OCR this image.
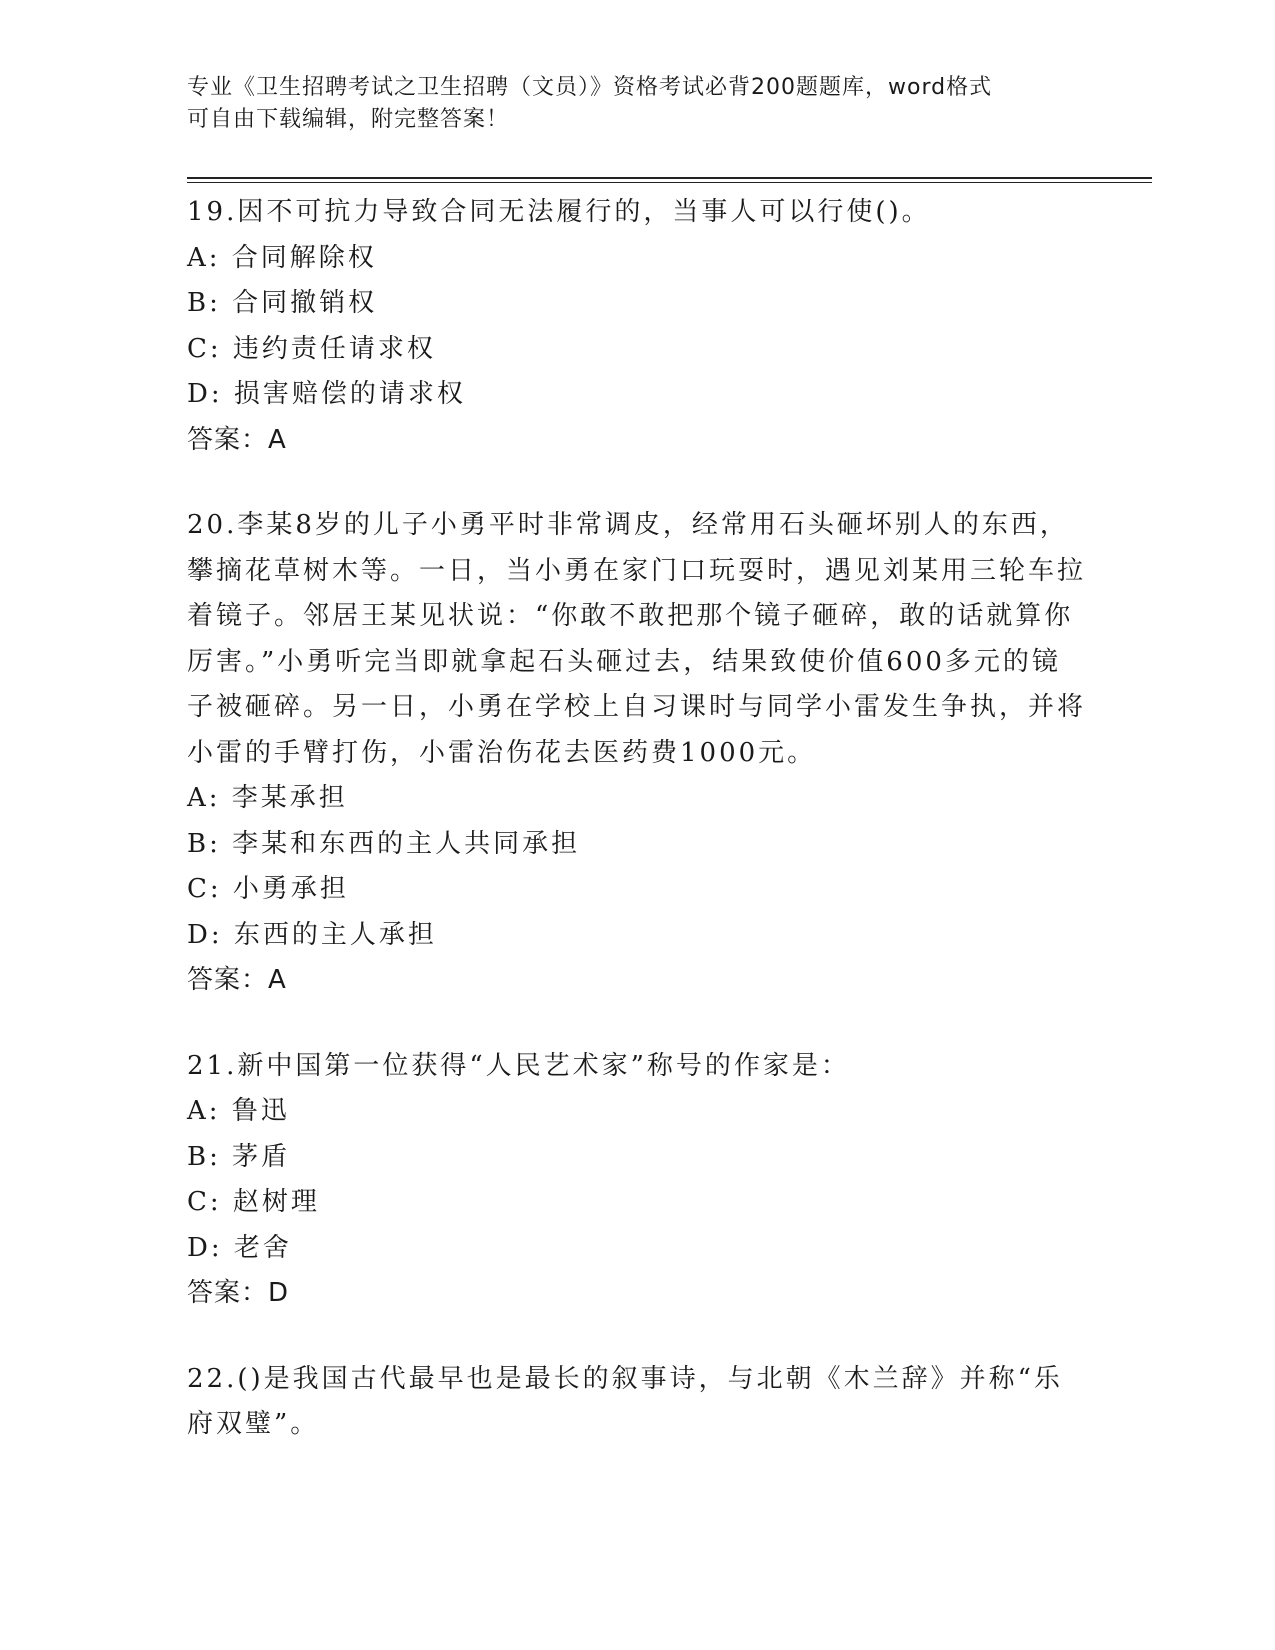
专业《卫生招聘考试之卫生招聘（文员）》资格考试必背200题题库，word格式
可自由下载编辑，附完整答案！
19.因不可抗力导致合同无法履行的，当事人可以行使()。
A: 合同解除权
B: 合同撤销权
C: 违约责任请求权
D: 损害赔偿的请求权
答案：A
20.李某8岁的儿子小勇平时非常调皮，经常用石头砸坏别人的东西，攀摘花草树木等。一日，当小勇在家门口玩耍时，遇见刘某用三轮车拉着镜子。邻居王某见状说：“你敢不敢把那个镜子砸碎，敢的话就算你厉害。”小勇听完当即就拿起石头砸过去，结果致使价值600多元的镜子被砸碎。另一日，小勇在学校上自习课时与同学小雷发生争执，并将小雷的手臂打伤，小雷治伤花去医药费1000元。
A: 李某承担
B: 李某和东西的主人共同承担
C: 小勇承担
D: 东西的主人承担
答案：A
21.新中国第一位获得“人民艺术家”称号的作家是：
A: 鲁迅
B: 茅盾
C: 赵树理
D: 老舍
答案：D
22.()是我国古代最早也是最长的叙事诗，与北朝《木兰辞》并称“乐府双璧”。
